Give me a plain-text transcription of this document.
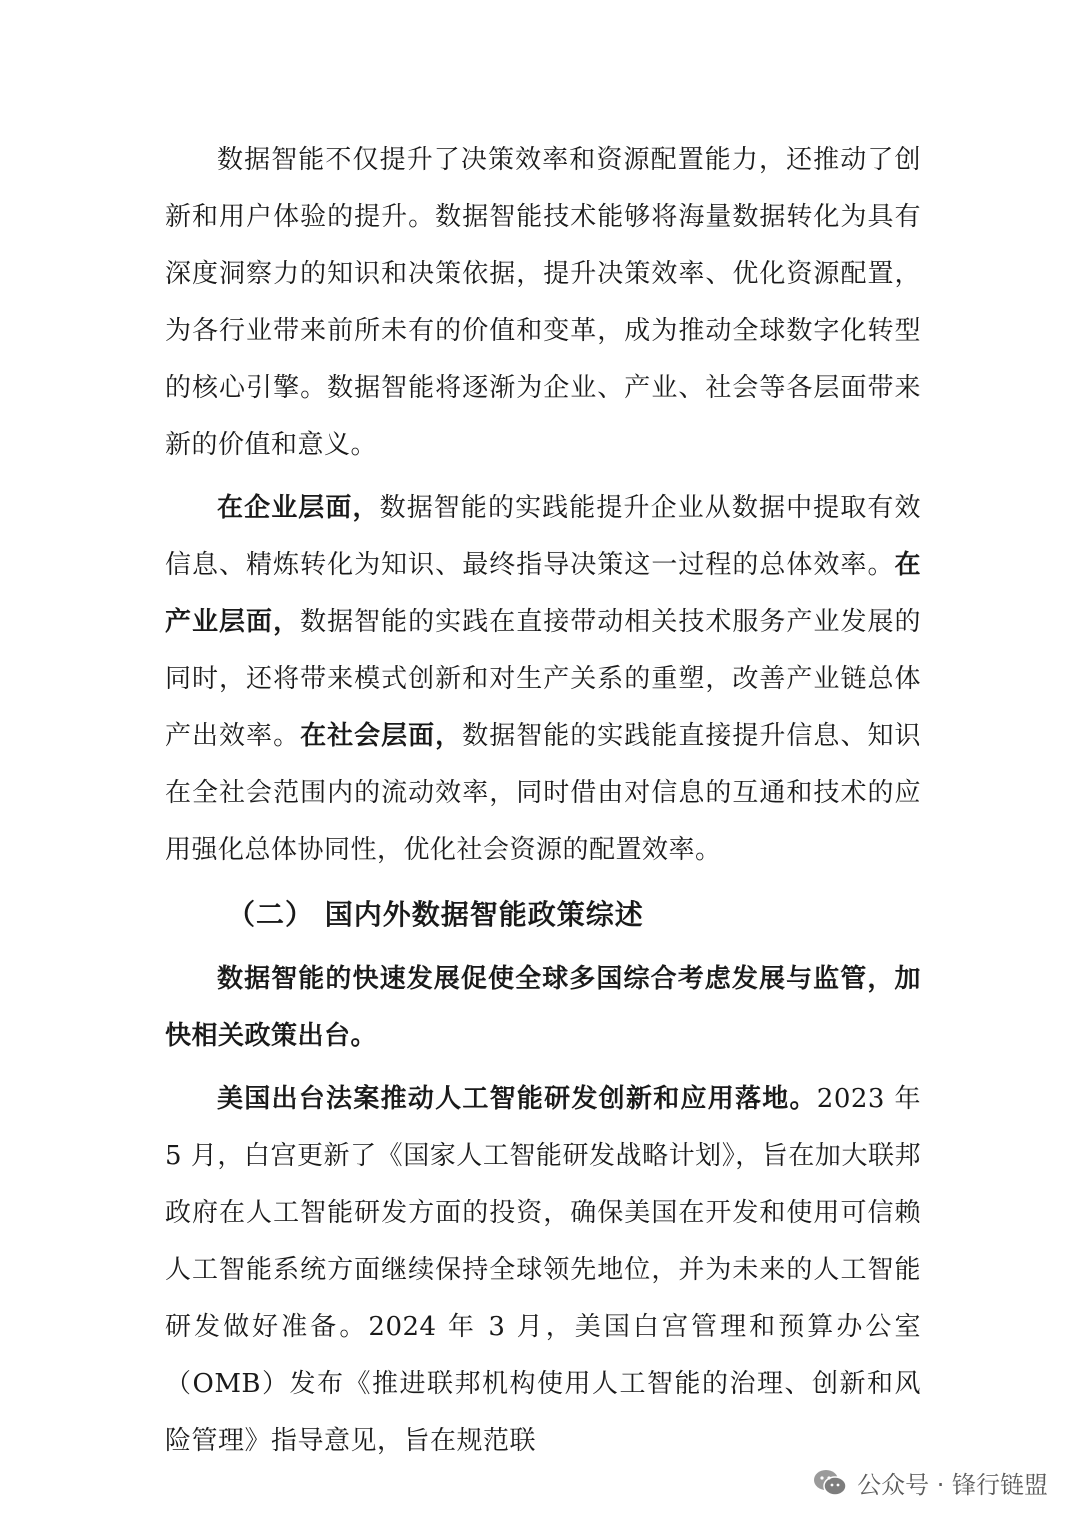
数据智能不仅提升了决策效率和资源配置能力，还推动了创新和用户体验的提升。数据智能技术能够将海量数据转化为具有深度洞察力的知识和决策依据，提升决策效率、优化资源配置，为各行业带来前所未有的价值和变革，成为推动全球数字化转型的核心引擎。数据智能将逐渐为企业、产业、社会等各层面带来新的价值和意义。

在企业层面，数据智能的实践能提升企业从数据中提取有效信息、精炼转化为知识、最终指导决策这一过程的总体效率。在产业层面，数据智能的实践在直接带动相关技术服务产业发展的同时，还将带来模式创新和对生产关系的重塑，改善产业链总体产出效率。在社会层面，数据智能的实践能直接提升信息、知识在全社会范围内的流动效率，同时借由对信息的互通和技术的应用强化总体协同性，优化社会资源的配置效率。

（二） 国内外数据智能政策综述

数据智能的快速发展促使全球多国综合考虑发展与监管，加快相关政策出台。

美国出台法案推动人工智能研发创新和应用落地。2023 年 5 月，白宫更新了《国家人工智能研发战略计划》，旨在加大联邦政府在人工智能研发方面的投资，确保美国在开发和使用可信赖人工智能系统方面继续保持全球领先地位，并为未来的人工智能研发做好准备。2024 年 3 月，美国白宫管理和预算办公室（OMB）发布《推进联邦机构使用人工智能的治理、创新和风险管理》指导意见，旨在规范联

公众号 · 锋行链盟
